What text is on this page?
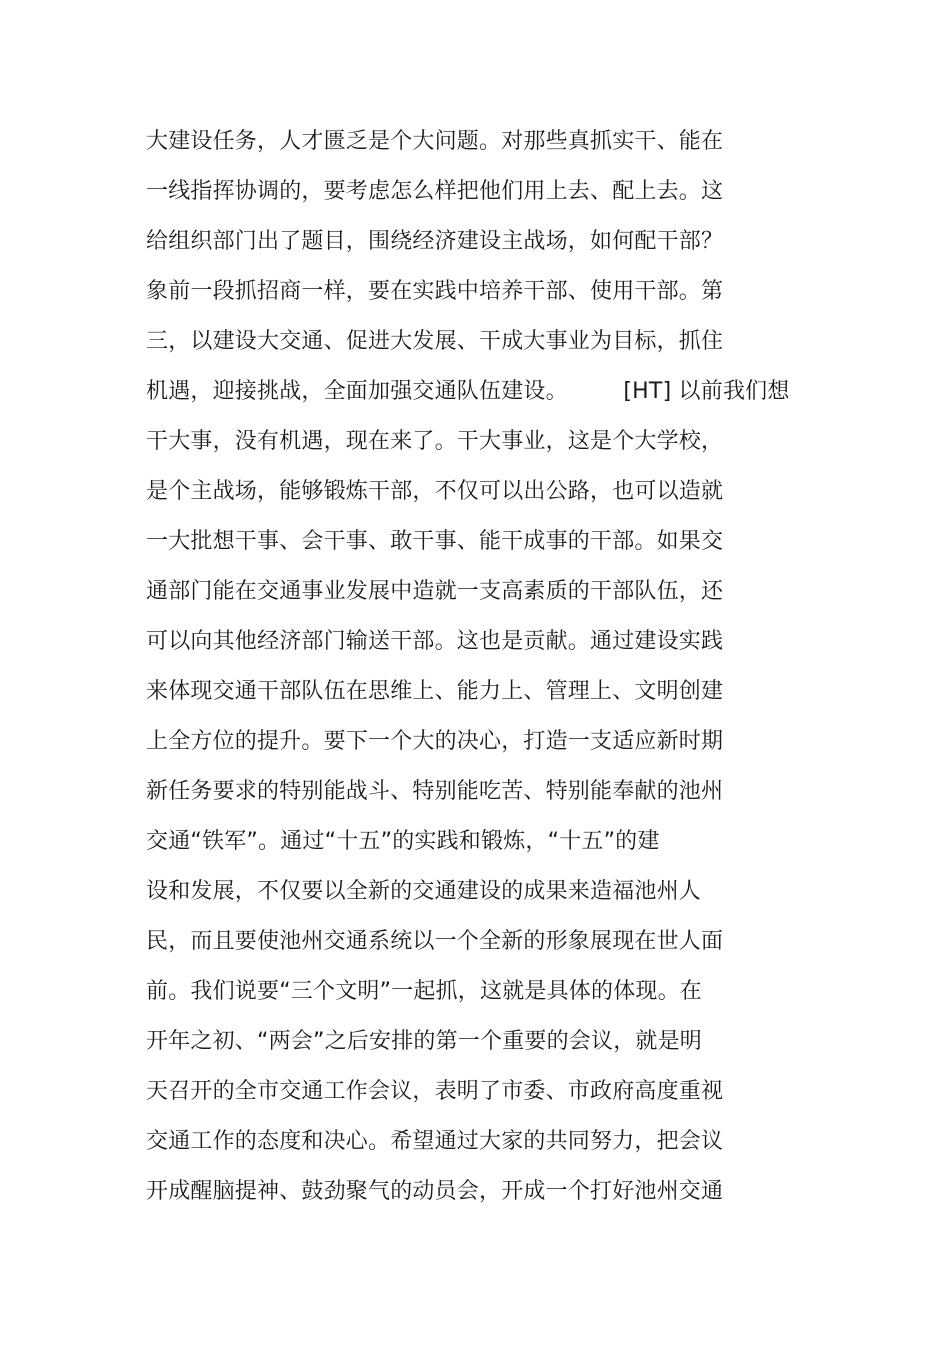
大建设任务，人才匮乏是个大问题。对那些真抓实干、能在
一线指挥协调的，要考虑怎么样把他们用上去、配上去。这
给组织部门出了题目，围绕经济建设主战场，如何配干部？
象前一段抓招商一样，要在实践中培养干部、使用干部。第
三，以建设大交通、促进大发展、干成大事业为目标，抓住
机遇，迎接挑战，全面加强交通队伍建设。　　　[HT] 以前我们想
干大事，没有机遇，现在来了。干大事业，这是个大学校，
是个主战场，能够锻炼干部，不仅可以出公路，也可以造就
一大批想干事、会干事、敢干事、能干成事的干部。如果交
通部门能在交通事业发展中造就一支高素质的干部队伍，还
可以向其他经济部门输送干部。这也是贡献。通过建设实践
来体现交通干部队伍在思维上、能力上、管理上、文明创建
上全方位的提升。要下一个大的决心，打造一支适应新时期
新任务要求的特别能战斗、特别能吃苦、特别能奉献的池州
交通“铁军”。通过“十五”的实践和锻炼，“十五”的建
设和发展，不仅要以全新的交通建设的成果来造福池州人
民，而且要使池州交通系统以一个全新的形象展现在世人面
前。我们说要“三个文明”一起抓，这就是具体的体现。在
开年之初、“两会”之后安排的第一个重要的会议，就是明
天召开的全市交通工作会议，表明了市委、市政府高度重视
交通工作的态度和决心。希望通过大家的共同努力，把会议
开成醒脑提神、鼓劲聚气的动员会，开成一个打好池州交通
